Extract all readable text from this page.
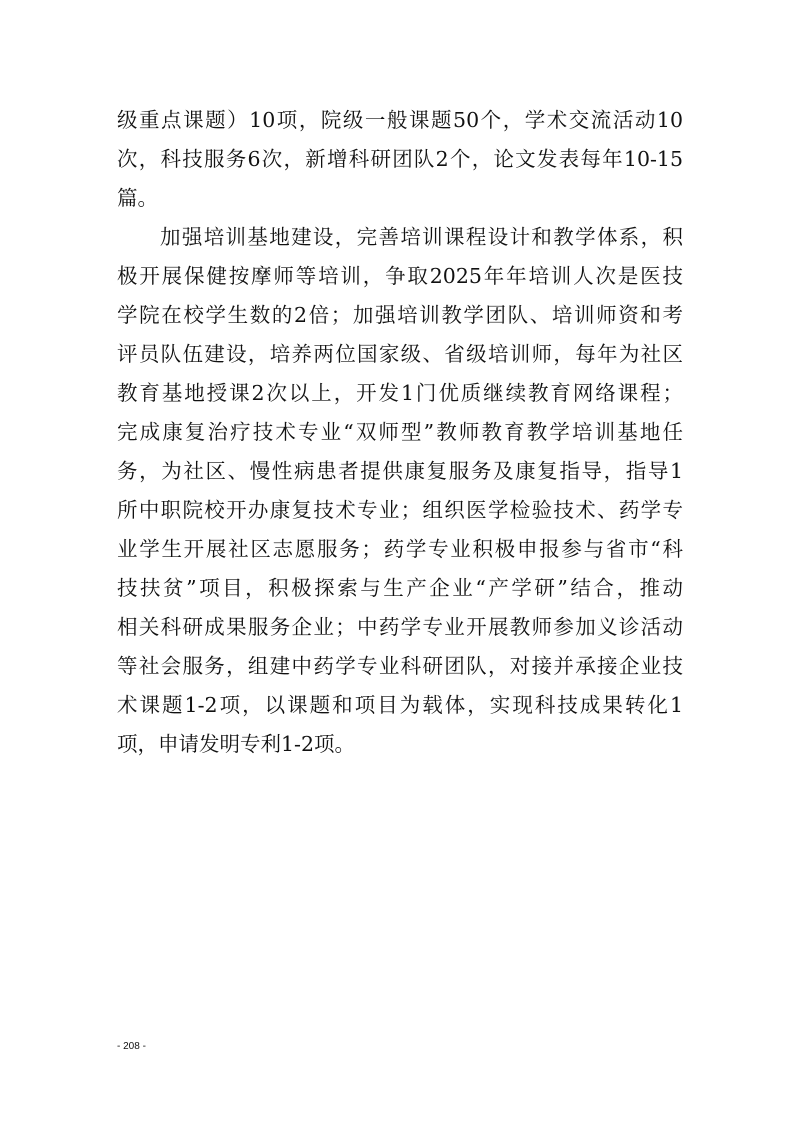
级重点课题）10项，院级一般课题50个，学术交流活动10
次，科技服务6次，新增科研团队2个，论文发表每年10-15
篇。
加强培训基地建设，完善培训课程设计和教学体系，积
极开展保健按摩师等培训，争取2025年年培训人次是医技
学院在校学生数的2倍；加强培训教学团队、培训师资和考
评员队伍建设，培养两位国家级、省级培训师，每年为社区
教育基地授课2次以上，开发1门优质继续教育网络课程；
完成康复治疗技术专业“双师型”教师教育教学培训基地任
务，为社区、慢性病患者提供康复服务及康复指导，指导1
所中职院校开办康复技术专业；组织医学检验技术、药学专
业学生开展社区志愿服务；药学专业积极申报参与省市“科
技扶贫”项目，积极探索与生产企业“产学研”结合，推动
相关科研成果服务企业；中药学专业开展教师参加义诊活动
等社会服务，组建中药学专业科研团队，对接并承接企业技
术课题1-2项，以课题和项目为载体，实现科技成果转化1
项，申请发明专利1-2项。
- 208 -
